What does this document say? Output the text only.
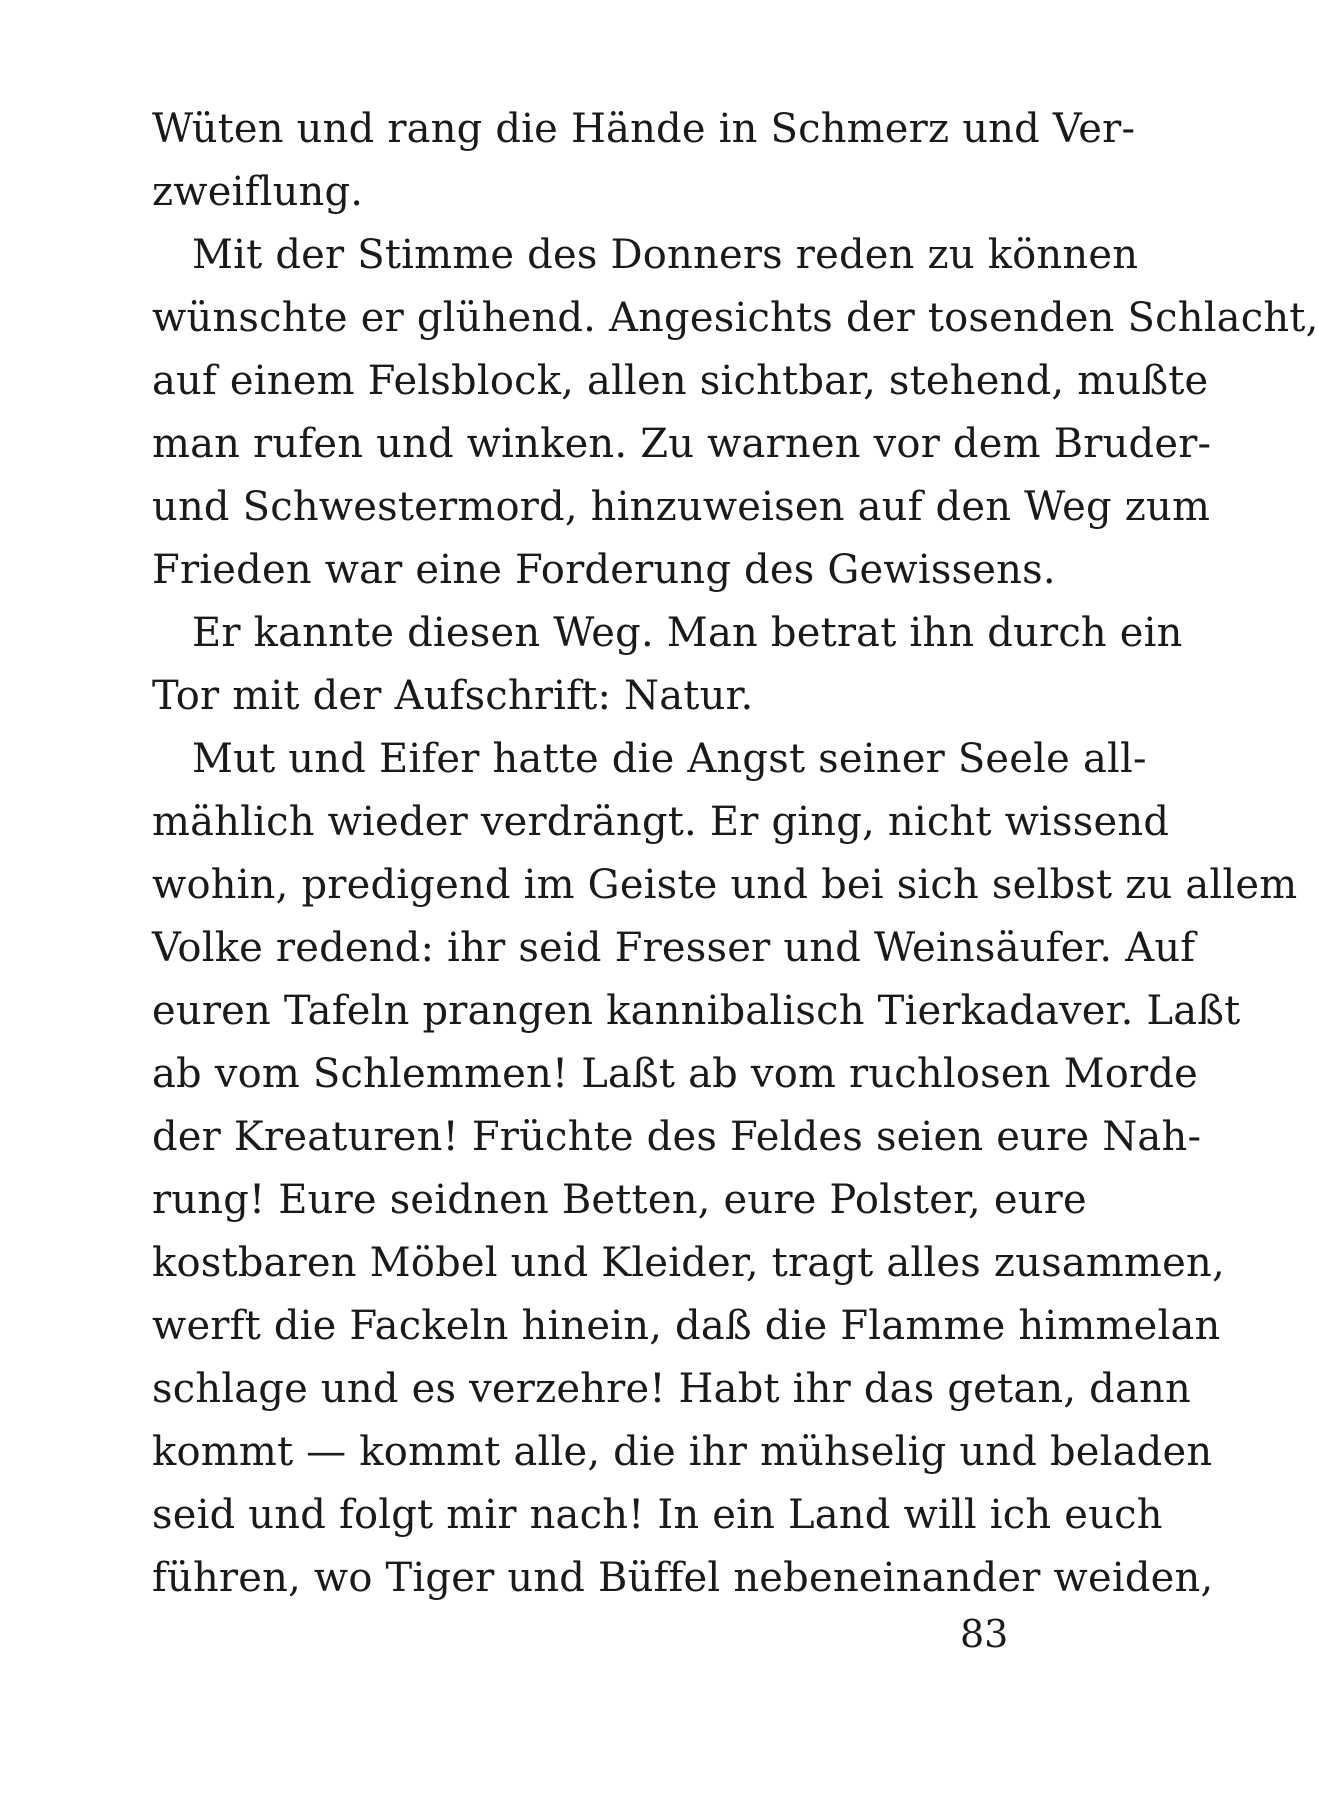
Wüten und rang die Hände in Schmerz und Ver-
zweiflung.
Mit der Stimme des Donners reden zu können
wünschte er glühend. Angesichts der tosenden Schlacht,
auf einem Felsblock, allen sichtbar, stehend, mußte
man rufen und winken. Zu warnen vor dem Bruder-
und Schwestermord, hinzuweisen auf den Weg zum
Frieden war eine Forderung des Gewissens.
Er kannte diesen Weg. Man betrat ihn durch ein
Tor mit der Aufschrift: Natur.
Mut und Eifer hatte die Angst seiner Seele all-
mählich wieder verdrängt. Er ging, nicht wissend
wohin, predigend im Geiste und bei sich selbst zu allem
Volke redend: ihr seid Fresser und Weinsäufer. Auf
euren Tafeln prangen kannibalisch Tierkadaver. Laßt
ab vom Schlemmen! Laßt ab vom ruchlosen Morde
der Kreaturen! Früchte des Feldes seien eure Nah-
rung! Eure seidnen Betten, eure Polster, eure
kostbaren Möbel und Kleider, tragt alles zusammen,
werft die Fackeln hinein, daß die Flamme himmelan
schlage und es verzehre! Habt ihr das getan, dann
kommt — kommt alle, die ihr mühselig und beladen
seid und folgt mir nach! In ein Land will ich euch
führen, wo Tiger und Büffel nebeneinander weiden,
83
